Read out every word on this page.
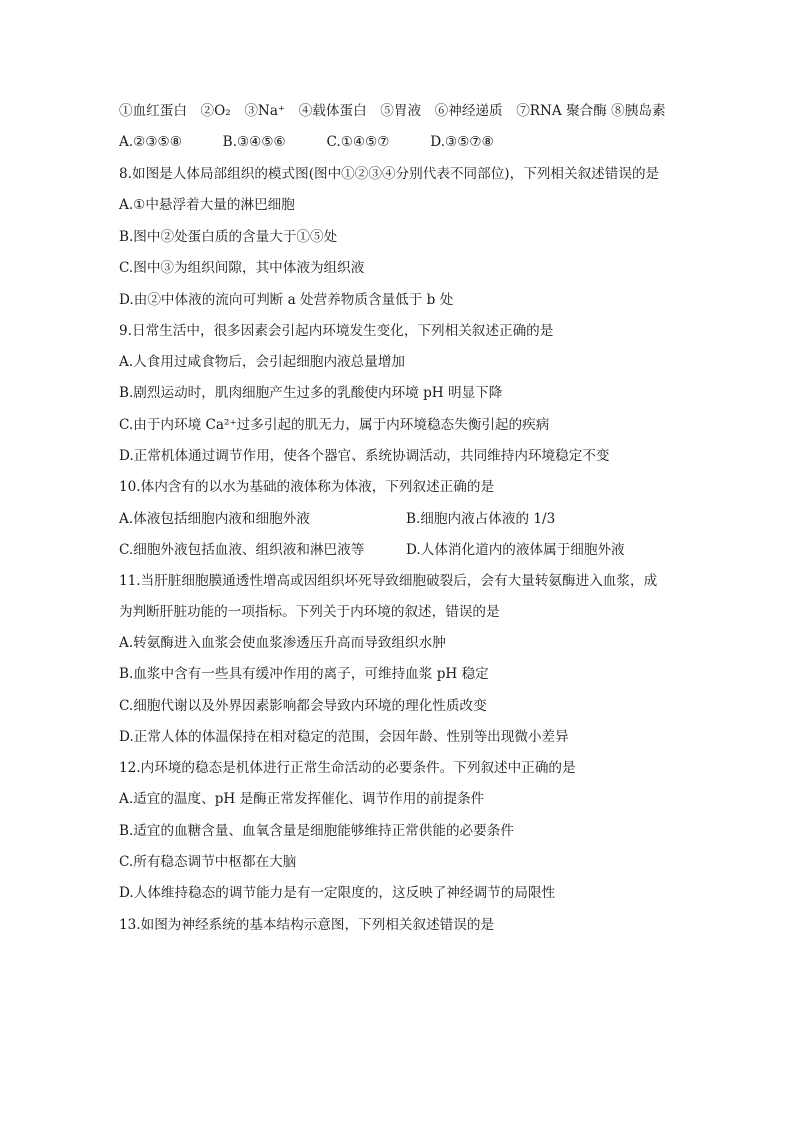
①血红蛋白　②O₂　③Na⁺　④载体蛋白　⑤胃液　⑥神经递质　⑦RNA 聚合酶 ⑧胰岛素
A.②③⑤⑧　　　B.③④⑤⑥　　　C.①④⑤⑦　　　D.③⑤⑦⑧
8.如图是人体局部组织的模式图(图中①②③④分别代表不同部位)，下列相关叙述错误的是
A.①中悬浮着大量的淋巴细胞
B.图中②处蛋白质的含量大于①⑤处
C.图中③为组织间隙，其中体液为组织液
D.由②中体液的流向可判断 a 处营养物质含量低于 b 处
9.日常生活中，很多因素会引起内环境发生变化，下列相关叙述正确的是
A.人食用过咸食物后，会引起细胞内液总量增加
B.剧烈运动时，肌肉细胞产生过多的乳酸使内环境 pH 明显下降
C.由于内环境 Ca²⁺过多引起的肌无力，属于内环境稳态失衡引起的疾病
D.正常机体通过调节作用，使各个器官、系统协调活动，共同维持内环境稳定不变
10.体内含有的以水为基础的液体称为体液，下列叙述正确的是
A.体液包括细胞内液和细胞外液	B.细胞内液占体液的 1/3
C.细胞外液包括血液、组织液和淋巴液等	D.人体消化道内的液体属于细胞外液
11.当肝脏细胞膜通透性增高或因组织坏死导致细胞破裂后，会有大量转氨酶进入血浆，成
为判断肝脏功能的一项指标。下列关于内环境的叙述，错误的是
A.转氨酶进入血浆会使血浆渗透压升高而导致组织水肿
B.血浆中含有一些具有缓冲作用的离子，可维持血浆 pH 稳定
C.细胞代谢以及外界因素影响都会导致内环境的理化性质改变
D.正常人体的体温保持在相对稳定的范围，会因年龄、性别等出现微小差异
12.内环境的稳态是机体进行正常生命活动的必要条件。下列叙述中正确的是
A.适宜的温度、pH 是酶正常发挥催化、调节作用的前提条件
B.适宜的血糖含量、血氧含量是细胞能够维持正常供能的必要条件
C.所有稳态调节中枢都在大脑
D.人体维持稳态的调节能力是有一定限度的，这反映了神经调节的局限性
13.如图为神经系统的基本结构示意图，下列相关叙述错误的是
